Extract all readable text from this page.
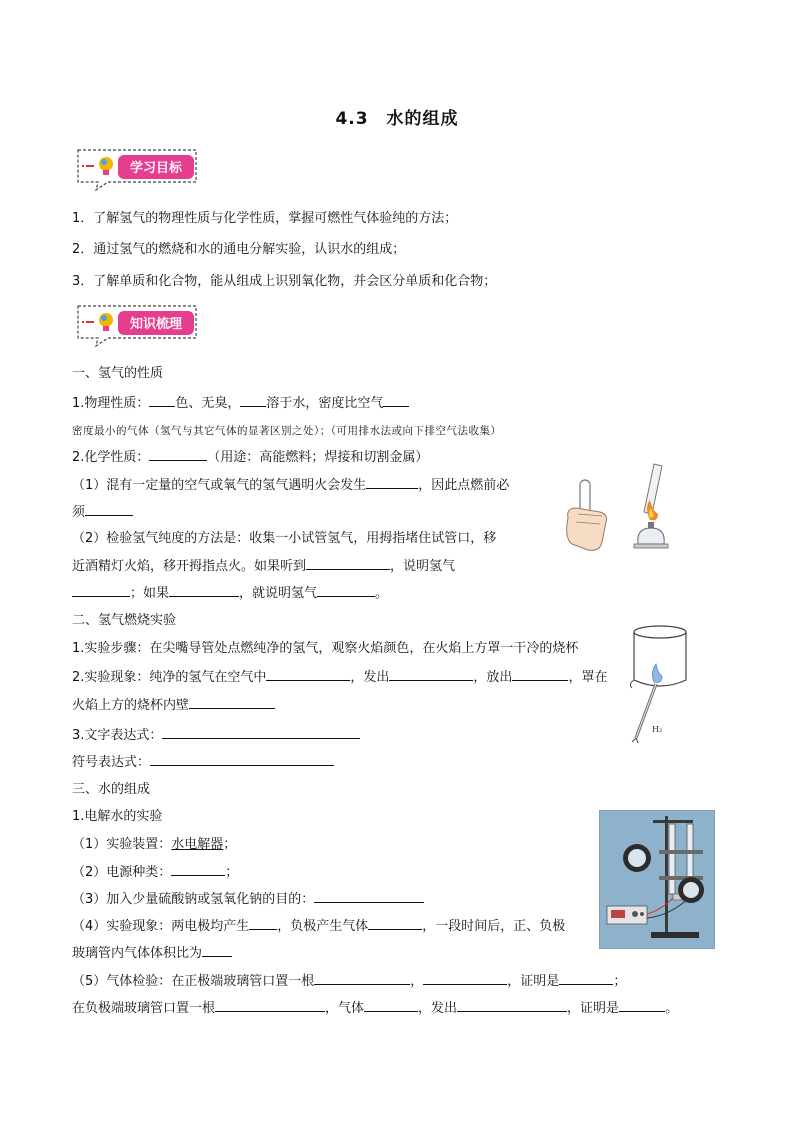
4.3　水的组成
学习目标
1．了解氢气的物理性质与化学性质，掌握可燃性气体验纯的方法；
2．通过氢气的燃烧和水的通电分解实验，认识水的组成；
3．了解单质和化合物，能从组成上识别氧化物，并会区分单质和化合物；
知识梳理
一、氢气的性质
1.物理性质： 色、无臭， 溶于水，密度比空气
密度最小的气体（氢气与其它气体的显著区别之处）；（可用排水法或向下排空气法收集）
2.化学性质：	（用途：高能燃料；焊接和切割金属）
（1）混有一定量的空气或氧气的氢气遇明火会发生	，因此点燃前必
须
（2）检验氢气纯度的方法是：收集一小试管氢气，用拇指堵住试管口，移
近酒精灯火焰，移开拇指点火。如果听到	，说明氢气
；如果	，就说明氢气	。
二、氢气燃烧实验
1.实验步骤：在尖嘴导管处点燃纯净的氢气，观察火焰颜色，在火焰上方罩一干冷的烧杯
2.实验现象：纯净的氢气在空气中	，发出	，放出	，罩在
火焰上方的烧杯内壁
3.文字表达式：
符号表达式：
H₂
三、水的组成
1.电解水的实验
（1）实验装置：水电解器；
（2）电源种类：	；
（3）加入少量硫酸钠或氢氧化钠的目的：
（4）实验现象：两电极均产生 ，负极产生气体	，一段时间后，正、负极
玻璃管内气体体积比为
（5）气体检验：在正极端玻璃管口置一根	，	，证明是	；
在负极端玻璃管口置一根	，气体	，发出	，证明是	。
